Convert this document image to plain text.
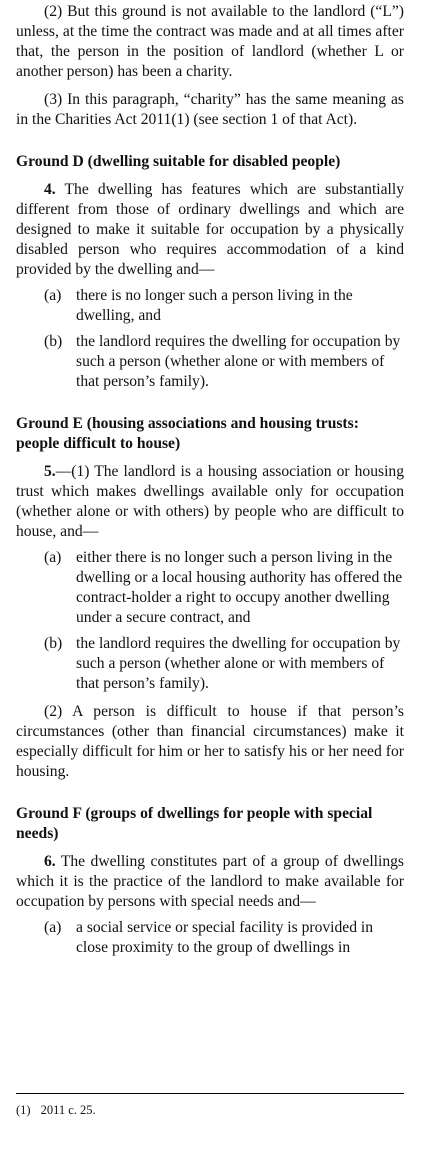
(2) But this ground is not available to the landlord (“L”) unless, at the time the contract was made and at all times after that, the person in the position of landlord (whether L or another person) has been a charity.

(3) In this paragraph, “charity” has the same meaning as in the Charities Act 2011(1) (see section 1 of that Act).

Ground D (dwelling suitable for disabled people)

4. The dwelling has features which are substantially different from those of ordinary dwellings and which are designed to make it suitable for occupation by a physically disabled person who requires accommodation of a kind provided by the dwelling and—

(a) there is no longer such a person living in the dwelling, and
(b) the landlord requires the dwelling for occupation by such a person (whether alone or with members of that person’s family).

Ground E (housing associations and housing trusts: people difficult to house)

5.—(1) The landlord is a housing association or housing trust which makes dwellings available only for occupation (whether alone or with others) by people who are difficult to house, and—

(a) either there is no longer such a person living in the dwelling or a local housing authority has offered the contract-holder a right to occupy another dwelling under a secure contract, and
(b) the landlord requires the dwelling for occupation by such a person (whether alone or with members of that person’s family).

(2) A person is difficult to house if that person’s circumstances (other than financial circumstances) make it especially difficult for him or her to satisfy his or her need for housing.

Ground F (groups of dwellings for people with special needs)

6. The dwelling constitutes part of a group of dwellings which it is the practice of the landlord to make available for occupation by persons with special needs and—

(a) a social service or special facility is provided in close proximity to the group of dwellings in
(1) 2011 c. 25.
